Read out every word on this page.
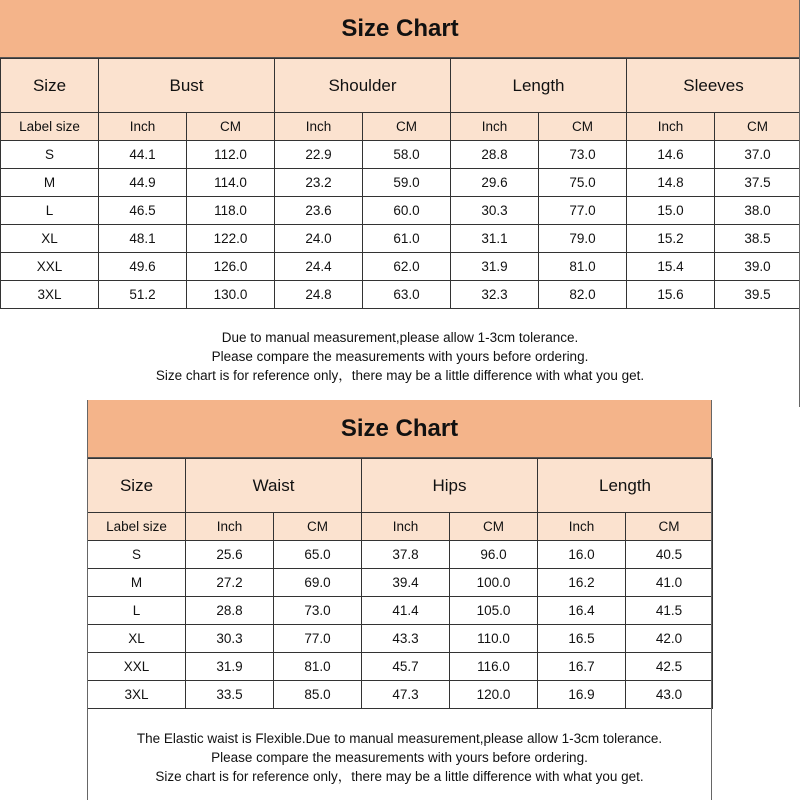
Size Chart
Size	Bust		Shoulder		Length		Sleeves	
Label size	Inch	CM	Inch	CM	Inch	CM	Inch	CM
S	44.1	112.0	22.9	58.0	28.8	73.0	14.6	37.0
M	44.9	114.0	23.2	59.0	29.6	75.0	14.8	37.5
L	46.5	118.0	23.6	60.0	30.3	77.0	15.0	38.0
XL	48.1	122.0	24.0	61.0	31.1	79.0	15.2	38.5
XXL	49.6	126.0	24.4	62.0	31.9	81.0	15.4	39.0
3XL	51.2	130.0	24.8	63.0	32.3	82.0	15.6	39.5
Due to manual measurement,please allow 1-3cm tolerance.
Please compare the measurements with yours before ordering.
Size chart is for reference only，there may be a little difference with what you get.
Size Chart
Size	Waist		Hips		Length	
Label size	Inch	CM	Inch	CM	Inch	CM
S	25.6	65.0	37.8	96.0	16.0	40.5
M	27.2	69.0	39.4	100.0	16.2	41.0
L	28.8	73.0	41.4	105.0	16.4	41.5
XL	30.3	77.0	43.3	110.0	16.5	42.0
XXL	31.9	81.0	45.7	116.0	16.7	42.5
3XL	33.5	85.0	47.3	120.0	16.9	43.0
The Elastic waist is Flexible.Due to manual measurement,please allow 1-3cm tolerance.
Please compare the measurements with yours before ordering.
Size chart is for reference only，there may be a little difference with what you get.
